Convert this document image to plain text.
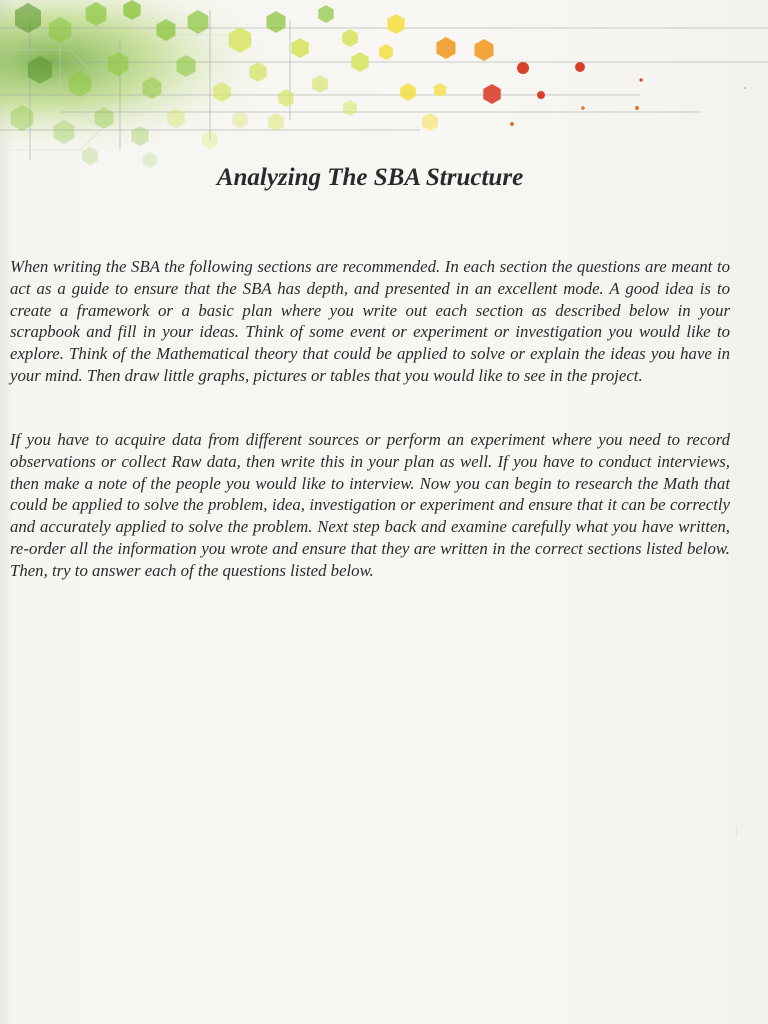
Analyzing The SBA Structure

When writing the SBA the following sections are recommended. In each section the questions are meant to act as a guide to ensure that the SBA has depth, and presented in an excellent mode. A good idea is to create a framework or a basic plan where you write out each section as described below in your scrapbook and fill in your ideas. Think of some event or experiment or investigation you would like to explore. Think of the Mathematical theory that could be applied to solve or explain the ideas you have in your mind. Then draw little graphs, pictures or tables that you would like to see in the project.

If you have to acquire data from different sources or perform an experiment where you need to record observations or collect Raw data, then write this in your plan as well. If you have to conduct interviews, then make a note of the people you would like to interview. Now you can begin to research the Math that could be applied to solve the problem, idea, investigation or experiment and ensure that it can be correctly and accurately applied to solve the problem. Next step back and examine carefully what you have written, re-order all the information you wrote and ensure that they are written in the correct sections listed below. Then, try to answer each of the questions listed below.
